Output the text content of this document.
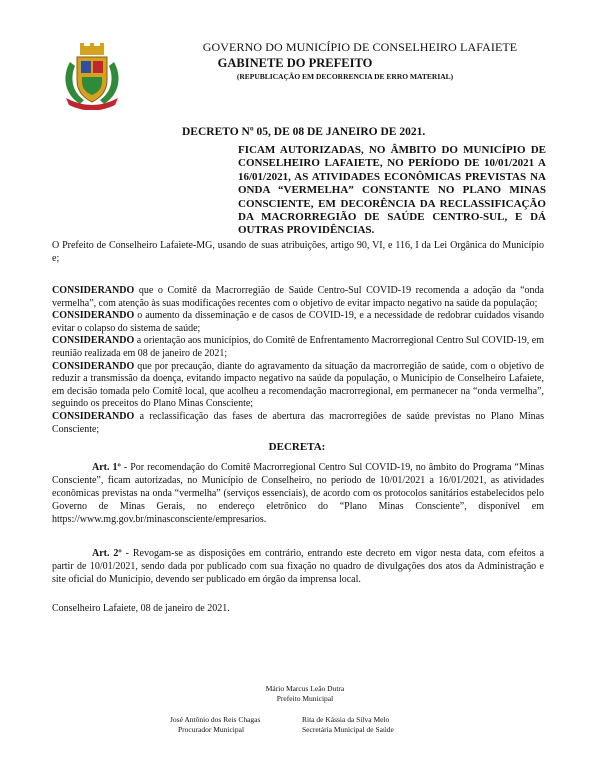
GOVERNO DO MUNICÍPIO DE CONSELHEIRO LAFAIETE
GABINETE DO PREFEITO
(REPUBLICAÇÃO EM DECORRENCIA DE ERRO MATERIAL)
DECRETO Nº 05, DE 08 DE JANEIRO DE 2021.
FICAM AUTORIZADAS, NO ÂMBITO DO MUNICÍPIO DE CONSELHEIRO LAFAIETE, NO PERÍODO DE 10/01/2021 A 16/01/2021, AS ATIVIDADES ECONÔMICAS PREVISTAS NA ONDA “VERMELHA” CONSTANTE NO PLANO MINAS CONSCIENTE, EM DECORÊNCIA DA RECLASSIFICAÇÃO DA MACRORREGIÃO DE SAÚDE CENTRO-SUL, E DÁ OUTRAS PROVIDÊNCIAS.
O Prefeito de Conselheiro Lafaiete-MG, usando de suas atribuições, artigo 90, VI, e 116, I da Lei Orgânica do Município e;

CONSIDERANDO que o Comitê da Macrorregião de Saúde Centro-Sul COVID-19 recomenda a adoção da “onda vermelha”, com atenção às suas modificações recentes com o objetivo de evitar impacto negativo na saúde da população;

CONSIDERANDO o aumento da disseminação e de casos de COVID-19, e a necessidade de redobrar cuidados visando evitar o colapso do sistema de saúde;

CONSIDERANDO a orientação aos municípios, do Comitê de Enfrentamento Macrorregional Centro Sul COVID-19, em reunião realizada em 08 de janeiro de 2021;

CONSIDERANDO que por precaução, diante do agravamento da situação da macrorregião de saúde, com o objetivo de reduzir a transmissão da doença, evitando impacto negativo na saúde da população, o Município de Conselheiro Lafaiete, em decisão tomada pelo Comitê local, que acolheu a recomendação macrorregional, em permanecer na “onda vermelha”, seguindo os preceitos do Plano Minas Consciente;

CONSIDERANDO a reclassificação das fases de abertura das macrorregiões de saúde previstas no Plano Minas Consciente;

DECRETA:
Art. 1º - Por recomendação do Comitê Macrorregional Centro Sul COVID-19, no âmbito do Programa “Minas Consciente”, ficam autorizadas, no Município de Conselheiro, no período de 10/01/2021 a 16/01/2021, as atividades econômicas previstas na onda “vermelha” (serviços essenciais), de acordo com os protocolos sanitários estabelecidos pelo Governo de Minas Gerais, no endereço eletrônico do “Plano Minas Consciente”, disponível em https://www.mg.gov.br/minasconsciente/empresarios.
Art. 2º - Revogam-se as disposições em contrário, entrando este decreto em vigor nesta data, com efeitos a partir de 10/01/2021, sendo dada por publicado com sua fixação no quadro de divulgações dos atos da Administração e site oficial do Município, devendo ser publicado em órgão da imprensa local.
Conselheiro Lafaiete, 08 de janeiro de 2021.
Mário Marcus Leão Dutra
Prefeito Municipal
José Antônio dos Reis Chagas
Procurador Municipal
Rita de Kássia da Silva Melo
Secretária Municipal de Saúde
